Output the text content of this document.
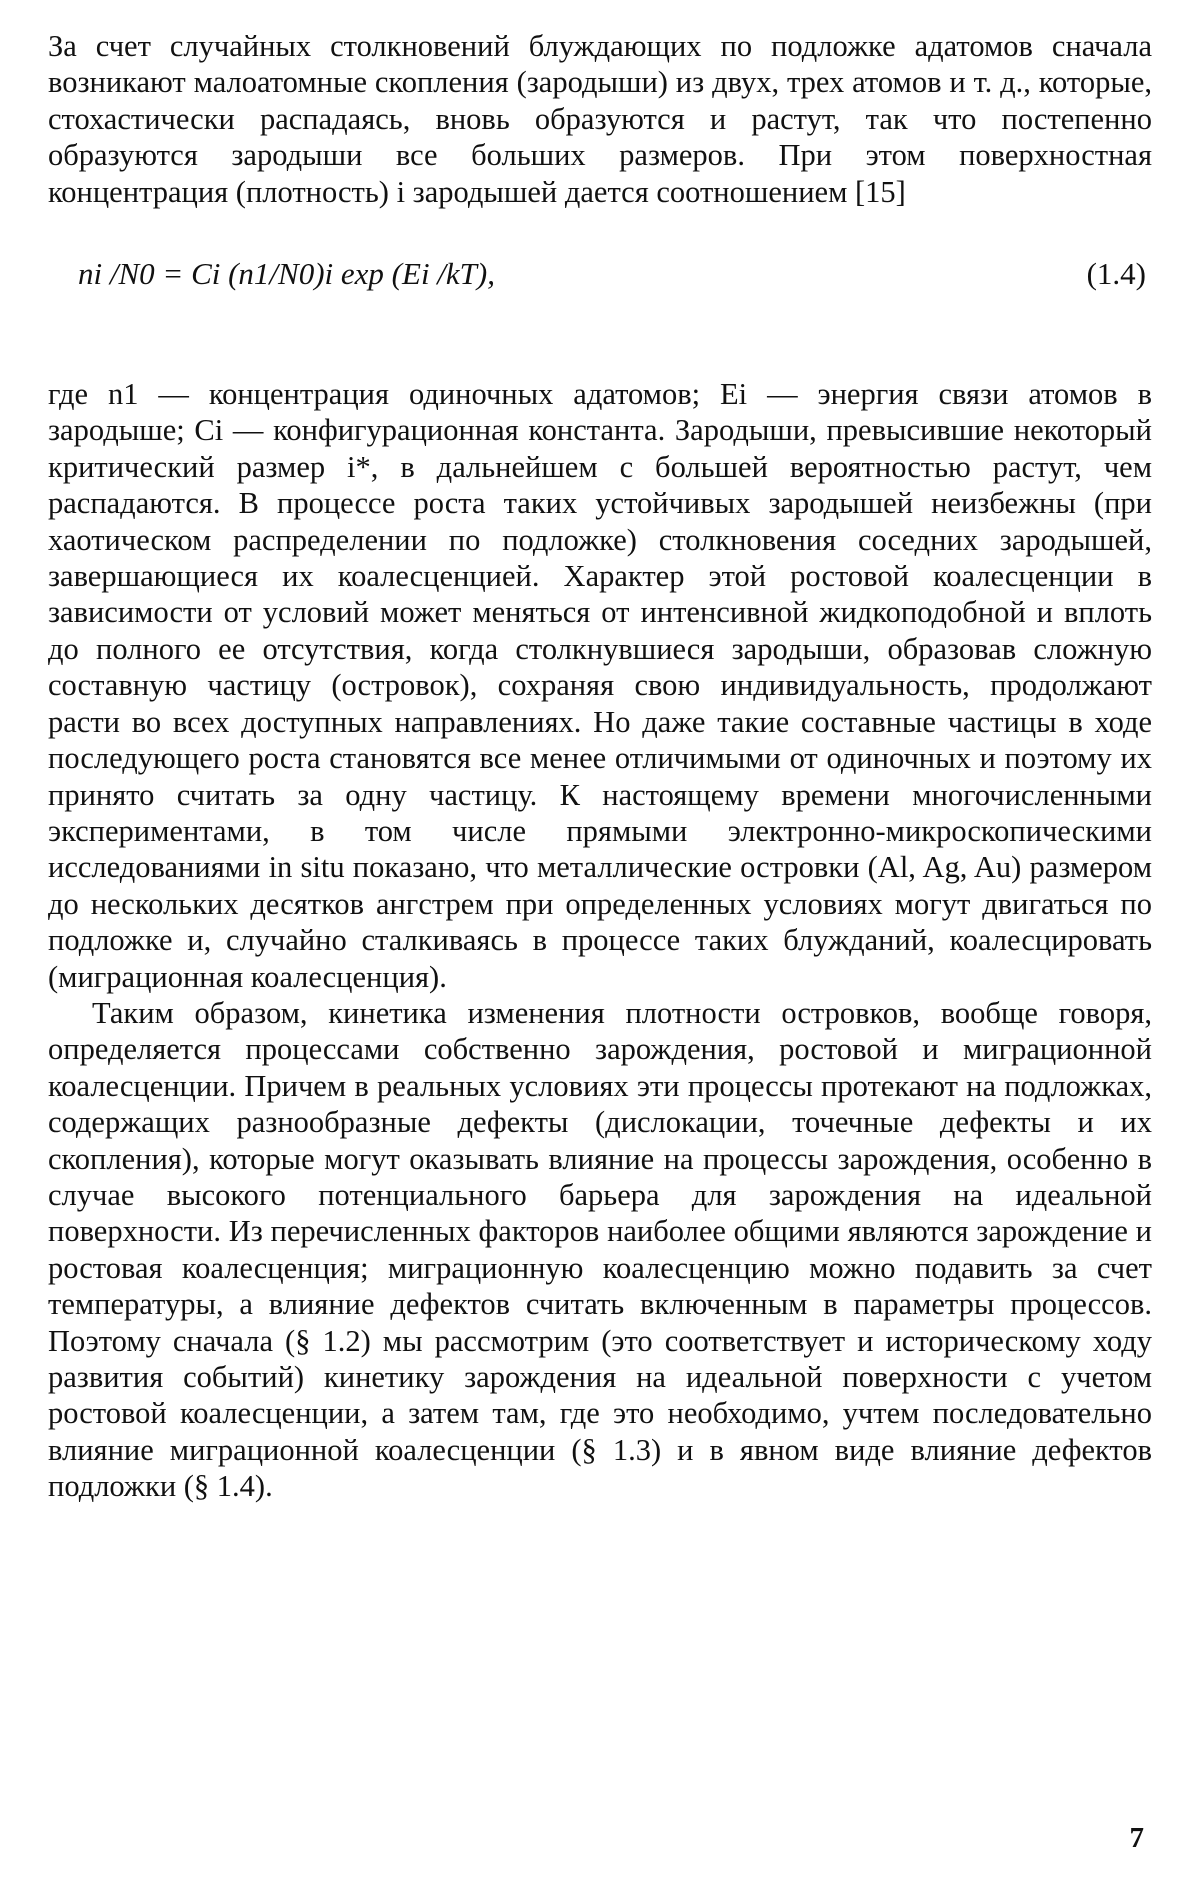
За счет случайных столкновений блуждающих по подложке адатомов сначала возникают малоатомные скопления (зародыши) из двух, трех атомов и т. д., которые, стохастически распадаясь, вновь образуются и растут, так что постепенно образуются зародыши все больших размеров. При этом поверхностная концентрация (плотность) i зародышей дается соотношением [15]

ni /N0 = Ci (n1/N0)i exp (Ei /kT),	(1.4)

где n1 — концентрация одиночных адатомов; Ei — энергия связи атомов в зародыше; Ci — конфигурационная константа. Зародыши, превысившие некоторый критический размер i*, в дальнейшем с большей вероятностью растут, чем распадаются. В процессе роста таких устойчивых зародышей неизбежны (при хаотическом распределении по подложке) столкновения соседних зародышей, завершающиеся их коалесценцией. Характер этой ростовой коалесценции в зависимости от условий может меняться от интенсивной жидкоподобной и вплоть до полного ее отсутствия, когда столкнувшиеся зародыши, образовав сложную составную частицу (островок), сохраняя свою индивидуальность, продолжают расти во всех доступных направлениях. Но даже такие составные частицы в ходе последующего роста становятся все менее отличимыми от одиночных и поэтому их принято считать за одну частицу. К настоящему времени многочисленными экспериментами, в том числе прямыми электронно-микроскопическими исследованиями in situ показано, что металлические островки (Al, Ag, Au) размером до нескольких десятков ангстрем при определенных условиях могут двигаться по подложке и, случайно сталкиваясь в процессе таких блужданий, коалесцировать (миграционная коалесценция).

Таким образом, кинетика изменения плотности островков, вообще говоря, определяется процессами собственно зарождения, ростовой и миграционной коалесценции. Причем в реальных условиях эти процессы протекают на подложках, содержащих разнообразные дефекты (дислокации, точечные дефекты и их скопления), которые могут оказывать влияние на процессы зарождения, особенно в случае высокого потенциального барьера для зарождения на идеальной поверхности. Из перечисленных факторов наиболее общими являются зарождение и ростовая коалесценция; миграционную коалесценцию можно подавить за счет температуры, а влияние дефектов считать включенным в параметры процессов. Поэтому сначала (§ 1.2) мы рассмотрим (это соответствует и историческому ходу развития событий) кинетику зарождения на идеальной поверхности с учетом ростовой коалесценции, а затем там, где это необходимо, учтем последовательно влияние миграционной коалесценции (§ 1.3) и в явном виде влияние дефектов подложки (§ 1.4).

7
